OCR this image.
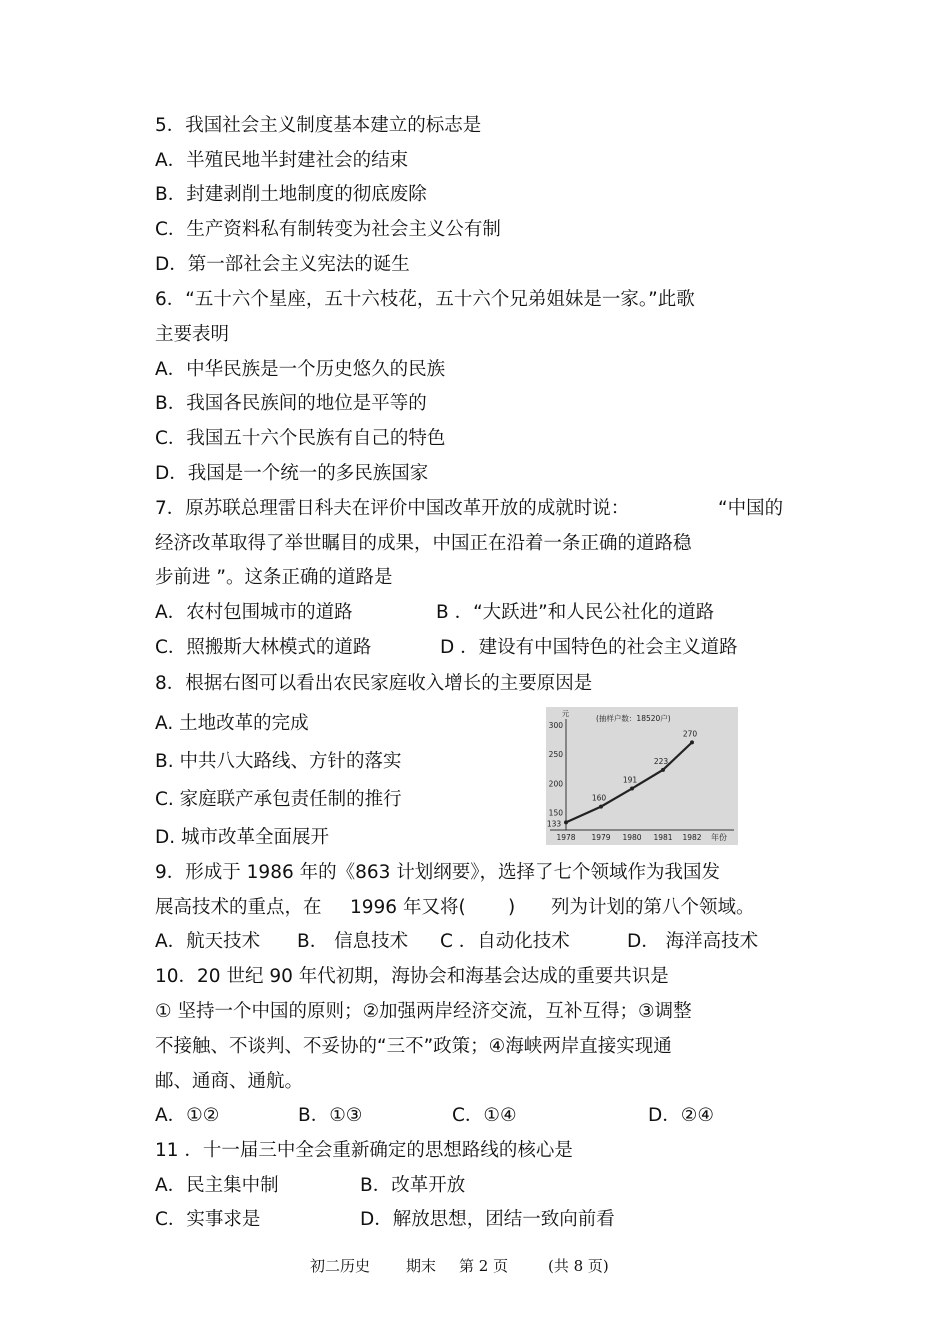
5．我国社会主义制度基本建立的标志是
A．半殖民地半封建社会的结束
B．封建剥削土地制度的彻底废除
C．生产资料私有制转变为社会主义公有制
D．第一部社会主义宪法的诞生
6．“五十六个星座，五十六枝花，五十六个兄弟姐妹是一家。”此歌
主要表明
A．中华民族是一个历史悠久的民族
B．我国各民族间的地位是平等的
C．我国五十六个民族有自己的特色
D．我国是一个统一的多民族国家
7．原苏联总理雷日科夫在评价中国改革开放的成就时说：	“中国的
经济改革取得了举世瞩目的成果，中国正在沿着一条正确的道路稳
步前进 ”。这条正确的道路是
A．农村包围城市的道路	B ．“大跃进”和人民公社化的道路
C．照搬斯大林模式的道路	D ．建设有中国特色的社会主义道路
8．根据右图可以看出农民家庭收入增长的主要原因是
A. 土地改革的完成
B. 中共八大路线、方针的落实
C. 家庭联产承包责任制的推行
D. 城市改革全面展开
元	(抽样户数：18520户)
150
200
250
300
1978 1979 1980 1981 1982
133
160
191
223
270
年份
9．形成于 1986 年的《863 计划纲要》，选择了七个领域作为我国发
展高技术的重点，在 1996 年又将( ) 列为计划的第八个领域。
A．航天技术 B． 信息技术 C ．自动化技术	D． 海洋高技术
10．20 世纪 90 年代初期，海协会和海基会达成的重要共识是
① 坚持一个中国的原则；②加强两岸经济交流，互补互得；③调整
不接触、不谈判、不妥协的“三不”政策；④海峡两岸直接实现通
邮、通商、通航。
A．①②	B．①③	C．①④	D．②④
11 ．十一届三中全会重新确定的思想路线的核心是
A．民主集中制	B．改革开放
C．实事求是	D．解放思想，团结一致向前看
初二历史 期末 第 2 页	(共 8 页)
